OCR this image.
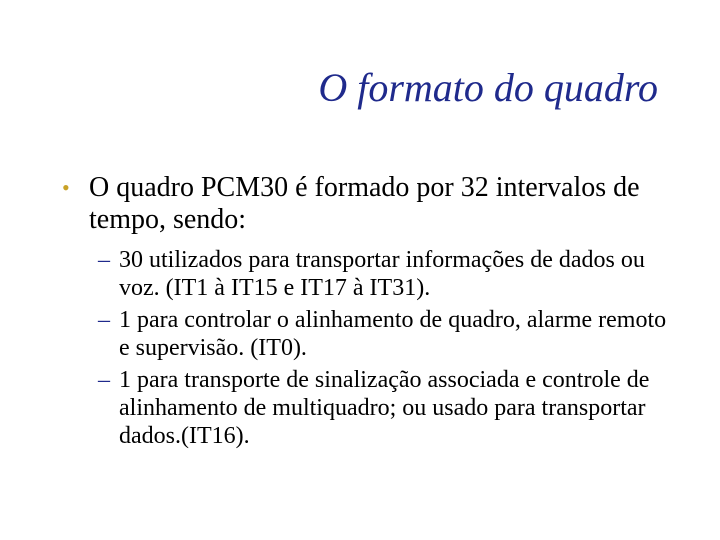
O formato do quadro
• O quadro PCM30 é formado por 32 intervalos de tempo, sendo:
– 30 utilizados para transportar informações de dados ou voz. (IT1 à IT15 e IT17 à IT31).
– 1 para controlar o alinhamento de quadro, alarme remoto e supervisão. (IT0).
– 1 para transporte de sinalização associada e controle de alinhamento de multiquadro; ou usado para transportar dados.(IT16).
